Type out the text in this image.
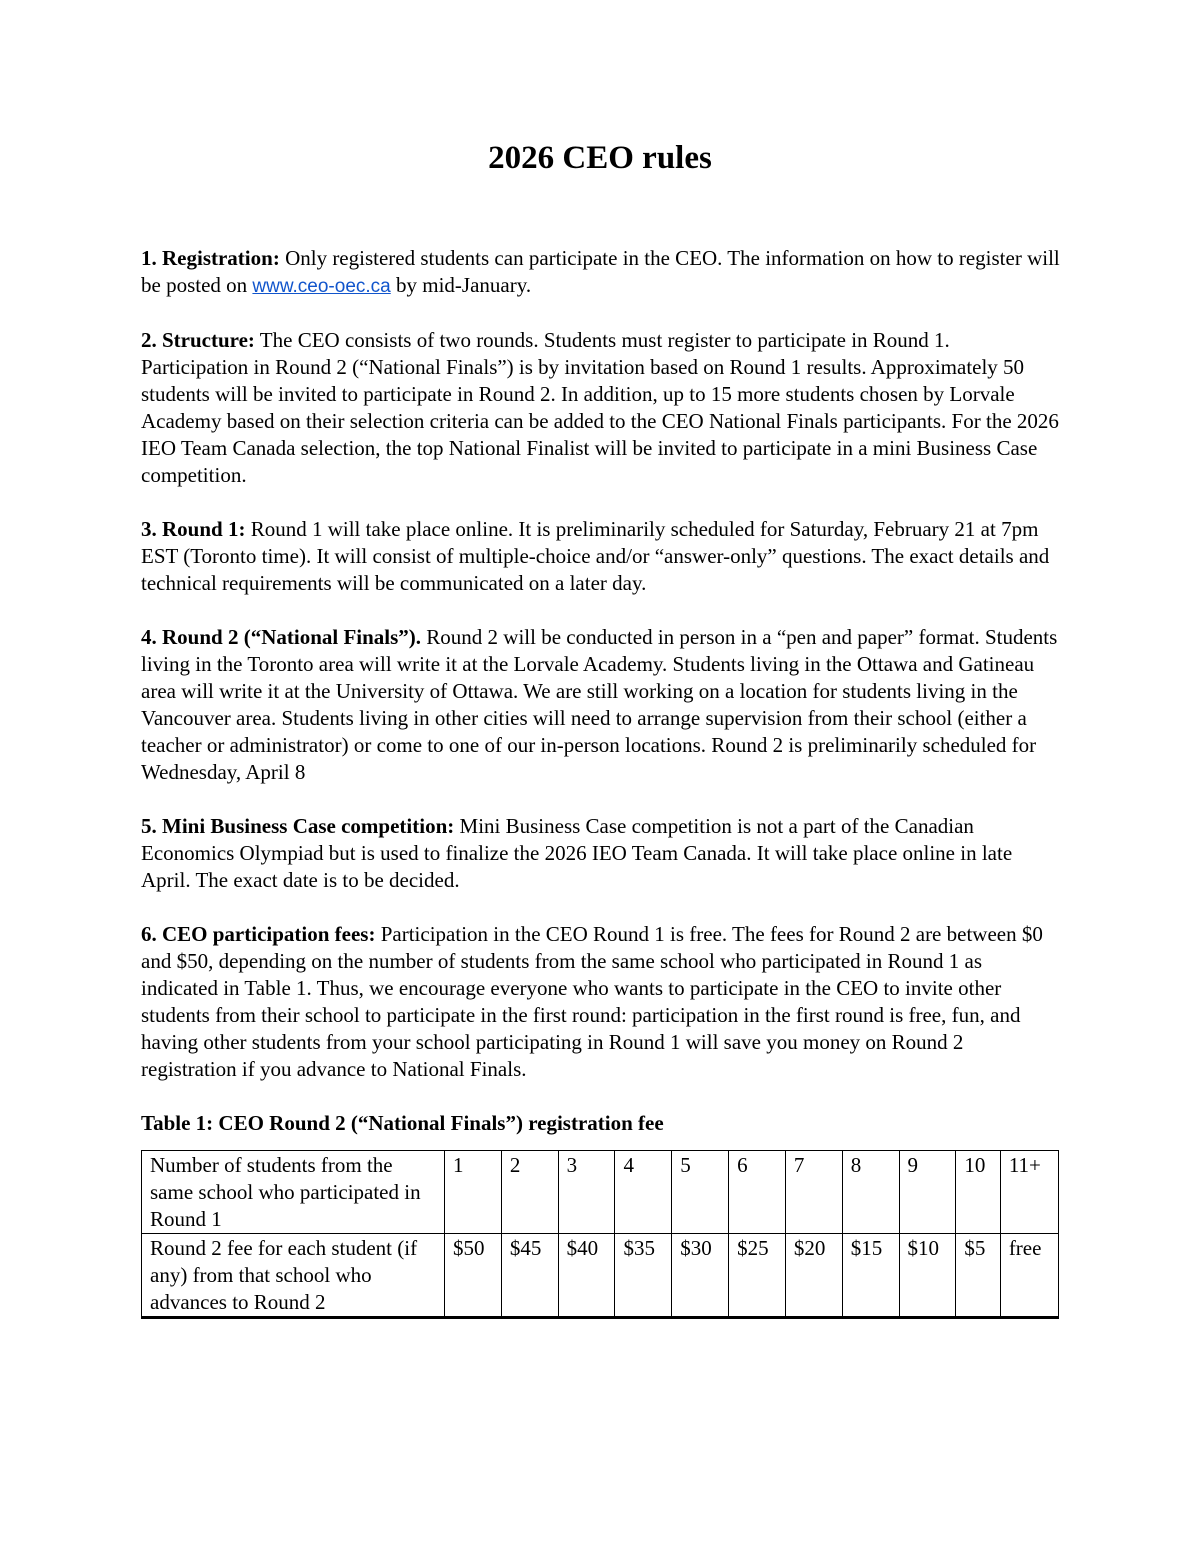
2026 CEO rules

1. Registration: Only registered students can participate in the CEO. The information on how to register will be posted on www.ceo-oec.ca by mid-January.

2. Structure: The CEO consists of two rounds. Students must register to participate in Round 1. Participation in Round 2 (“National Finals”) is by invitation based on Round 1 results. Approximately 50 students will be invited to participate in Round 2. In addition, up to 15 more students chosen by Lorvale Academy based on their selection criteria can be added to the CEO National Finals participants. For the 2026 IEO Team Canada selection, the top National Finalist will be invited to participate in a mini Business Case competition.

3. Round 1: Round 1 will take place online. It is preliminarily scheduled for Saturday, February 21 at 7pm EST (Toronto time). It will consist of multiple-choice and/or “answer-only” questions. The exact details and technical requirements will be communicated on a later day.

4. Round 2 (“National Finals”). Round 2 will be conducted in person in a “pen and paper” format. Students living in the Toronto area will write it at the Lorvale Academy. Students living in the Ottawa and Gatineau area will write it at the University of Ottawa. We are still working on a location for students living in the Vancouver area. Students living in other cities will need to arrange supervision from their school (either a teacher or administrator) or come to one of our in-person locations. Round 2 is preliminarily scheduled for Wednesday, April 8

5. Mini Business Case competition: Mini Business Case competition is not a part of the Canadian Economics Olympiad but is used to finalize the 2026 IEO Team Canada. It will take place online in late April. The exact date is to be decided.

6. CEO participation fees: Participation in the CEO Round 1 is free. The fees for Round 2 are between $0 and $50, depending on the number of students from the same school who participated in Round 1 as indicated in Table 1. Thus, we encourage everyone who wants to participate in the CEO to invite other students from their school to participate in the first round: participation in the first round is free, fun, and having other students from your school participating in Round 1 will save you money on Round 2 registration if you advance to National Finals.

Table 1: CEO Round 2 (“National Finals”) registration fee

Number of students from the same school who participated in Round 1	1	2	3	4	5	6	7	8	9	10	11+
Round 2 fee for each student (if any) from that school who advances to Round 2	$50	$45	$40	$35	$30	$25	$20	$15	$10	$5	free
